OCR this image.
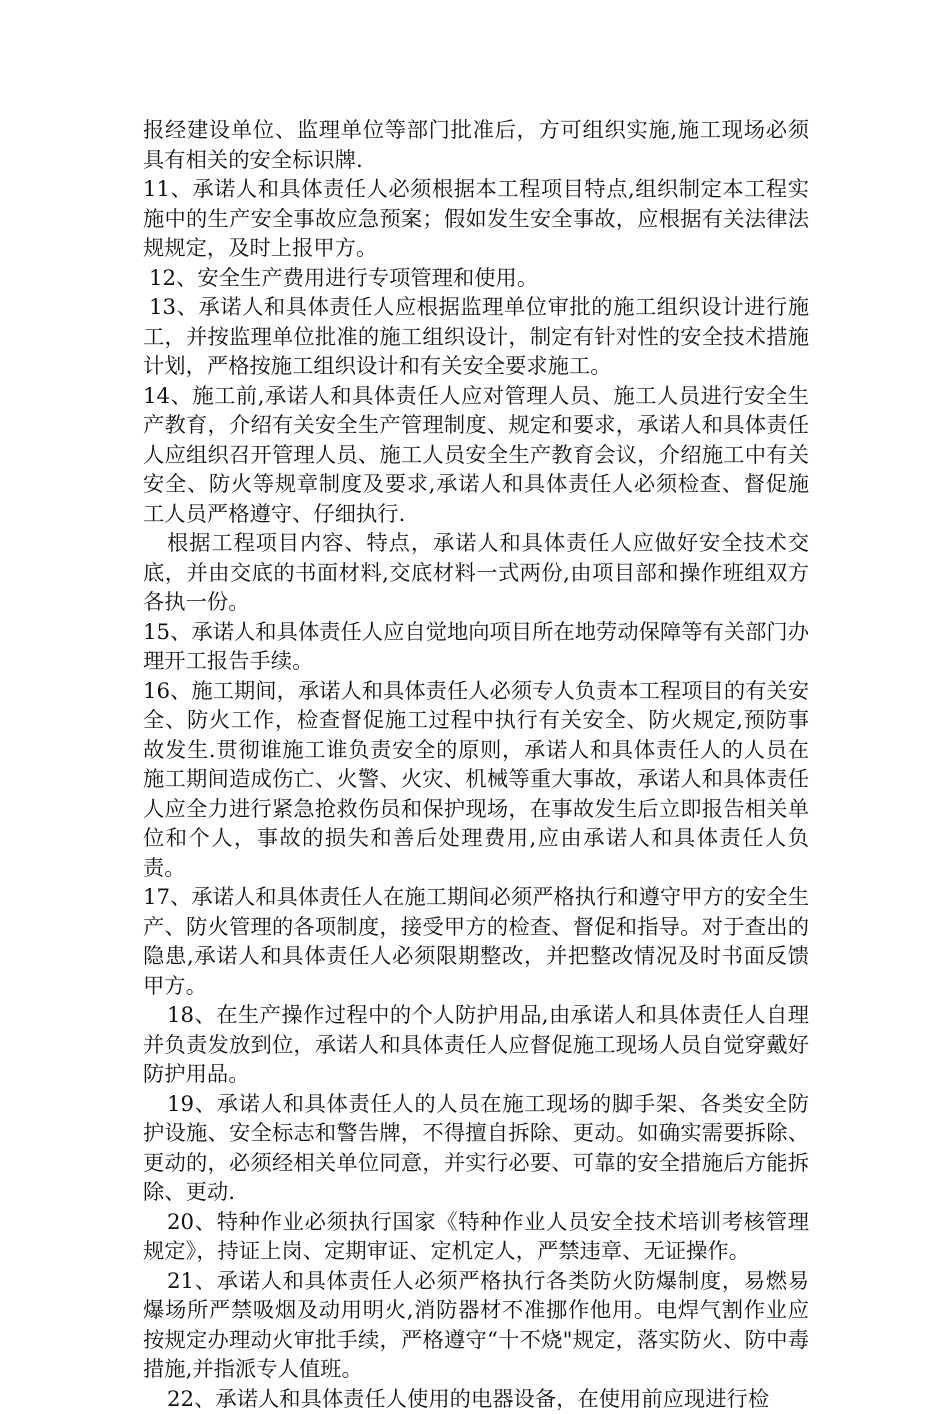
报经建设单位、监理单位等部门批准后，方可组织实施,施工现场必须具有相关的安全标识牌.

11、承诺人和具体责任人必须根据本工程项目特点,组织制定本工程实施中的生产安全事故应急预案；假如发生安全事故，应根据有关法律法规规定，及时上报甲方。

12、安全生产费用进行专项管理和使用。

13、承诺人和具体责任人应根据监理单位审批的施工组织设计进行施工，并按监理单位批准的施工组织设计，制定有针对性的安全技术措施计划，严格按施工组织设计和有关安全要求施工。

14、施工前,承诺人和具体责任人应对管理人员、施工人员进行安全生产教育，介绍有关安全生产管理制度、规定和要求，承诺人和具体责任人应组织召开管理人员、施工人员安全生产教育会议，介绍施工中有关安全、防火等规章制度及要求,承诺人和具体责任人必须检查、督促施工人员严格遵守、仔细执行.

根据工程项目内容、特点，承诺人和具体责任人应做好安全技术交底，并由交底的书面材料,交底材料一式两份,由项目部和操作班组双方各执一份。

15、承诺人和具体责任人应自觉地向项目所在地劳动保障等有关部门办理开工报告手续。

16、施工期间，承诺人和具体责任人必须专人负责本工程项目的有关安全、防火工作，检查督促施工过程中执行有关安全、防火规定,预防事故发生.贯彻谁施工谁负责安全的原则，承诺人和具体责任人的人员在施工期间造成伤亡、火警、火灾、机械等重大事故，承诺人和具体责任人应全力进行紧急抢救伤员和保护现场，在事故发生后立即报告相关单位和个人，事故的损失和善后处理费用,应由承诺人和具体责任人负责。

17、承诺人和具体责任人在施工期间必须严格执行和遵守甲方的安全生产、防火管理的各项制度，接受甲方的检查、督促和指导。对于查出的隐患,承诺人和具体责任人必须限期整改，并把整改情况及时书面反馈甲方。

18、在生产操作过程中的个人防护用品,由承诺人和具体责任人自理并负责发放到位，承诺人和具体责任人应督促施工现场人员自觉穿戴好防护用品。

19、承诺人和具体责任人的人员在施工现场的脚手架、各类安全防护设施、安全标志和警告牌，不得擅自拆除、更动。如确实需要拆除、更动的，必须经相关单位同意，并实行必要、可靠的安全措施后方能拆除、更动.

20、特种作业必须执行国家《特种作业人员安全技术培训考核管理规定》，持证上岗、定期审证、定机定人，严禁违章、无证操作。

21、承诺人和具体责任人必须严格执行各类防火防爆制度，易燃易爆场所严禁吸烟及动用明火,消防器材不准挪作他用。电焊气割作业应按规定办理动火审批手续，严格遵守“十不烧"规定，落实防火、防中毒措施,并指派专人值班。

22、承诺人和具体责任人使用的电器设备，在使用前应现进行检
